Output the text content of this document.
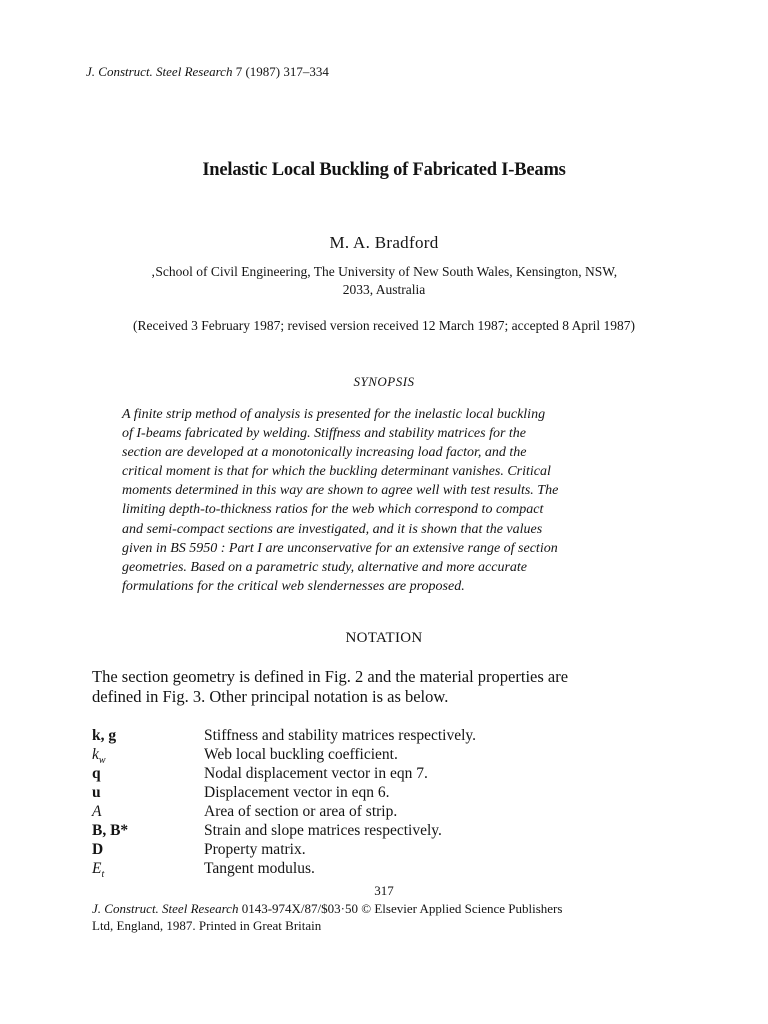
J. Construct. Steel Research 7 (1987) 317–334
Inelastic Local Buckling of Fabricated I-Beams
M. A. Bradford
‚School of Civil Engineering, The University of New South Wales, Kensington, NSW,
2033, Australia
(Received 3 February 1987; revised version received 12 March 1987; accepted 8 April 1987)
SYNOPSIS
A finite strip method of analysis is presented for the inelastic local buckling
of I-beams fabricated by welding. Stiffness and stability matrices for the
section are developed at a monotonically increasing load factor, and the
critical moment is that for which the buckling determinant vanishes. Critical
moments determined in this way are shown to agree well with test results. The
limiting depth-to-thickness ratios for the web which correspond to compact
and semi-compact sections are investigated, and it is shown that the values
given in BS 5950 : Part I are unconservative for an extensive range of section
geometries. Based on a parametric study, alternative and more accurate
formulations for the critical web slendernesses are proposed.
NOTATION
The section geometry is defined in Fig. 2 and the material properties are
defined in Fig. 3. Other principal notation is as below.
k, g	Stiffness and stability matrices respectively.
$k_w$	Web local buckling coefficient.
q	Nodal displacement vector in eqn 7.
u	Displacement vector in eqn 6.
A	Area of section or area of strip.
B, B*	Strain and slope matrices respectively.
D	Property matrix.
$E_t$	Tangent modulus.
317
J. Construct. Steel Research 0143-974X/87/$03·50 © Elsevier Applied Science Publishers
Ltd, England, 1987. Printed in Great Britain
